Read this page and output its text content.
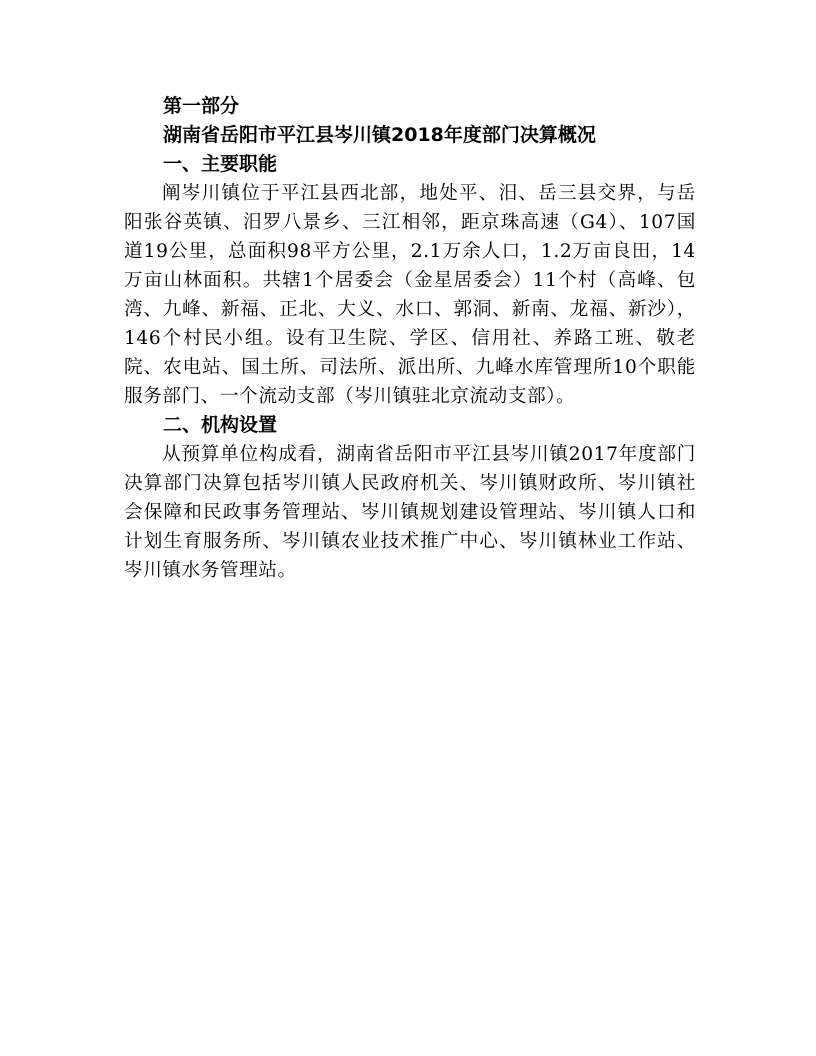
第一部分
湖南省岳阳市平江县岑川镇2018年度部门决算概况
一、主要职能

阐岑川镇位于平江县西北部，地处平、汨、岳三县交界，与岳阳张谷英镇、汨罗八景乡、三江相邻，距京珠高速（G4）、107国道19公里，总面积98平方公里，2.1万余人口，1.2万亩良田，14万亩山林面积。共辖1个居委会（金星居委会）11个村（高峰、包湾、九峰、新福、正北、大义、水口、郭洞、新南、龙福、新沙），146个村民小组。设有卫生院、学区、信用社、养路工班、敬老院、农电站、国土所、司法所、派出所、九峰水库管理所10个职能服务部门、一个流动支部（岑川镇驻北京流动支部）。

二、机构设置

从预算单位构成看，湖南省岳阳市平江县岑川镇2017年度部门决算部门决算包括岑川镇人民政府机关、岑川镇财政所、岑川镇社会保障和民政事务管理站、岑川镇规划建设管理站、岑川镇人口和计划生育服务所、岑川镇农业技术推广中心、岑川镇林业工作站、岑川镇水务管理站。
